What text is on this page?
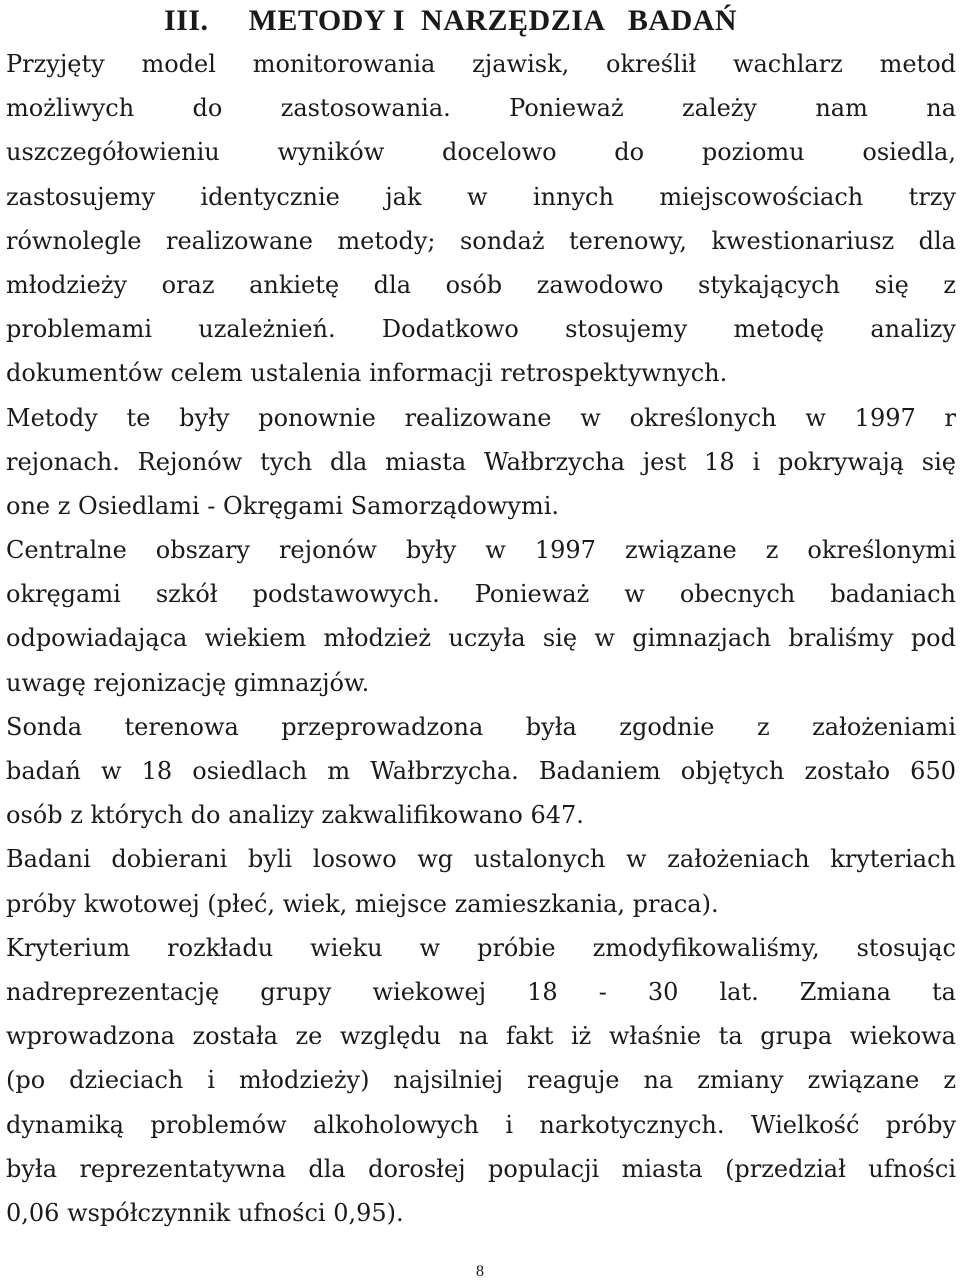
III.     METODY I  NARZĘDZIA   BADAŃ
Przyjęty model monitorowania zjawisk, określił wachlarz metod
możliwych do zastosowania. Ponieważ zależy nam na
uszczegółowieniu wyników docelowo do poziomu osiedla,
zastosujemy identycznie jak w innych miejscowościach trzy
równolegle realizowane metody; sondaż terenowy, kwestionariusz dla
młodzieży oraz ankietę dla osób zawodowo stykających się z
problemami uzależnień. Dodatkowo stosujemy metodę analizy
dokumentów celem ustalenia informacji retrospektywnych.
Metody te były ponownie realizowane w określonych w 1997 r
rejonach. Rejonów tych dla miasta Wałbrzycha jest 18 i pokrywają się
one z Osiedlami - Okręgami Samorządowymi.
Centralne obszary rejonów były w 1997 związane z określonymi
okręgami szkół podstawowych. Ponieważ w obecnych badaniach
odpowiadająca wiekiem młodzież uczyła się w gimnazjach braliśmy pod
uwagę rejonizację gimnazjów.
Sonda terenowa przeprowadzona była zgodnie z założeniami
badań w 18 osiedlach m Wałbrzycha. Badaniem objętych zostało 650
osób z których do analizy zakwalifikowano 647.
Badani dobierani byli losowo wg ustalonych w założeniach kryteriach
próby kwotowej (płeć, wiek, miejsce zamieszkania, praca).
Kryterium rozkładu wieku w próbie zmodyfikowaliśmy, stosując
nadreprezentację grupy wiekowej 18 - 30 lat. Zmiana ta
wprowadzona została ze względu na fakt iż właśnie ta grupa wiekowa
(po dzieciach i młodzieży) najsilniej reaguje na zmiany związane z
dynamiką problemów alkoholowych i narkotycznych. Wielkość próby
była reprezentatywna dla dorosłej populacji miasta (przedział ufności
0,06 współczynnik ufności 0,95).
8
